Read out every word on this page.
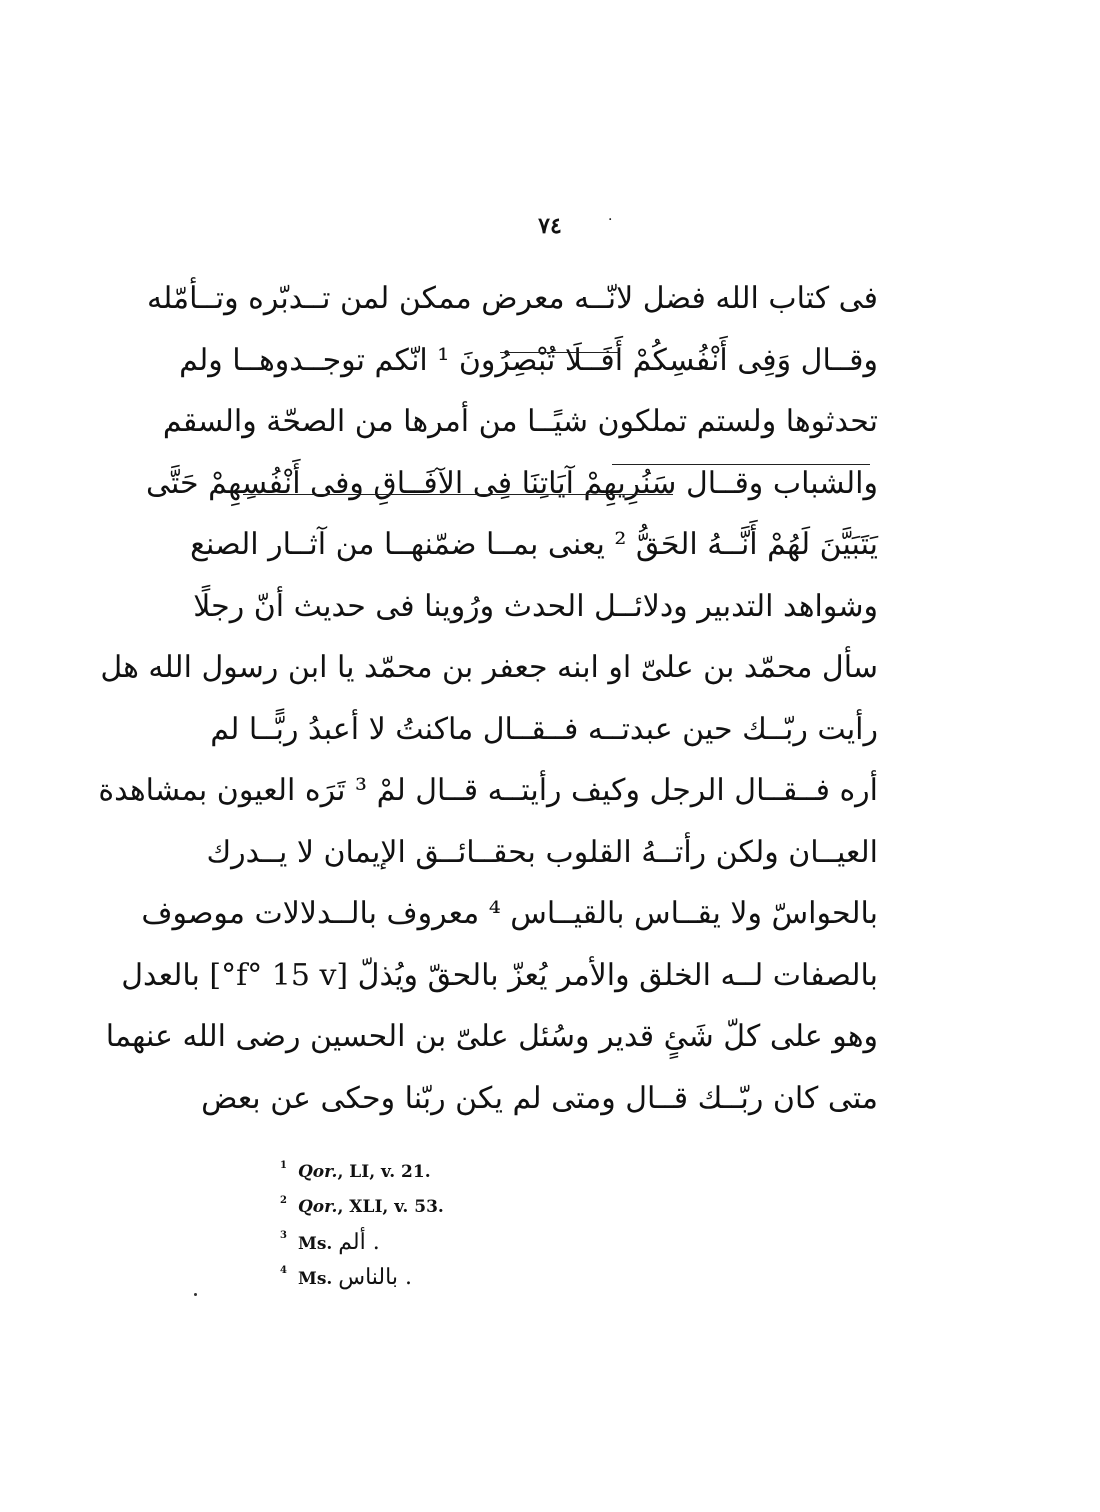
٧٤	·
فى كتاب الله فضل لانّــه معرض ممكن لمن تــدبّره وتــأمّله
وقــال وَفِى أَنْفُسِكُمْ أَفَــلَا تُبْصِرُونَ ¹ انّكم توجــدوهــا ولم
تحدثوها ولستم تملكون شيًــا من أمرها من الصحّة والسقم
والشباب وقــال سَنُرِيهِمْ آيَاتِنَا فِى الآفَــاقِ وفى أَنْفُسِهِمْ حَتَّى
يَتَبَيَّنَ لَهُمْ أَنَّــهُ الحَقُّ ² يعنى بمــا ضمّنهــا من آثــار الصنع
وشواهد التدبير ودلائــل الحدث ورُوينا فى حديث أنّ رجلًا
سأل محمّد بن علىّ او ابنه جعفر بن محمّد يا ابن رسول الله هل
رأيت ربّــك حين عبدتــه فــقــال ماكنتُ لا أعبدُ ربًّــا لم
أره فــقــال الرجل وكيف رأيتــه قــال لمْ ³ تَرَه العيون بمشاهدة
العيــان ولكن رأتــهُ القلوب بحقــائــق الإيمان لا يــدرك
بالحواسّ ولا يقــاس بالقيــاس ⁴ معروف بالــدلالات موصوف
بالصفات لــه الخلق والأمر يُعزّ بالحقّ ويُذلّ [f° 15 v°] بالعدل
وهو على كلّ شَئٍ قدير وسُئل علىّ بن الحسين رضى الله عنهما
متى كان ربّــك قــال ومتى لم يكن ربّنا وحكى عن بعض
1 Qor., LI, v. 21.
2 Qor., XLI, v. 53.
3 Ms. ألم .
4 Ms. بالناس .
